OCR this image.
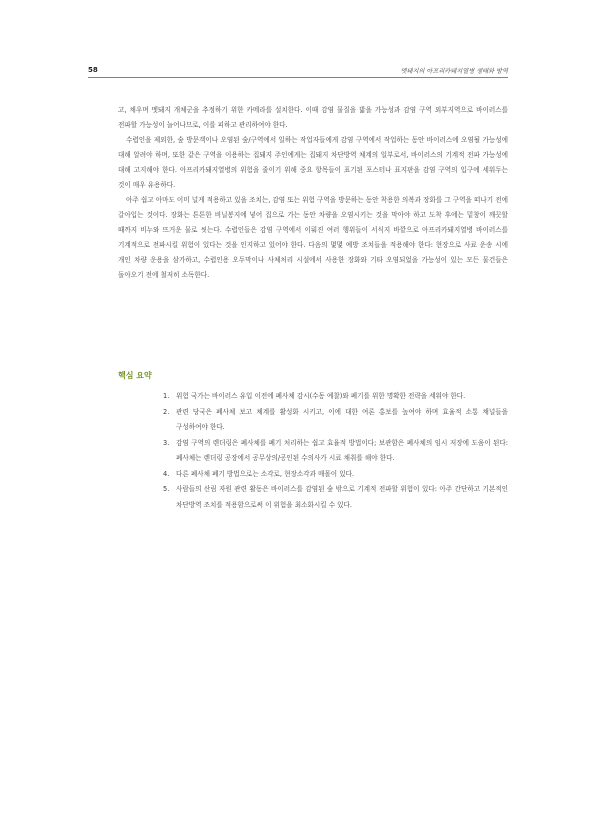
58	멧돼지의 아프리카돼지열병 생태와 방역

고, 채우며 멧돼지 개체군을 추정하기 위한 카메라를 설치한다. 이때 감염 물질을 밟을 가능성과 감염 구역 외부지역으로 바이러스를 전파할 가능성이 늘어나므로, 이를 피하고 관리하여야 한다.

수렵인을 제외한, 숲 방문객이나 오염된 숲/구역에서 일하는 작업자들에게 감염 구역에서 작업하는 동안 바이러스에 오염될 가능성에 대해 알려야 하며, 또한 같은 구역을 이용하는 집돼지 주인에게는 집돼지 차단방역 체계의 일부로서, 바이러스의 기계적 전파 가능성에 대해 고지해야 한다. 아프리카돼지열병의 위험을 줄이기 위해 중요 항목들이 표기된 포스터나 표지판을 감염 구역의 입구에 세워두는 것이 매우 유용하다.

아주 쉽고 아마도 이미 널게 적용하고 있을 조치는, 감염 또는 위험 구역을 방문하는 동안 착용한 의복과 장화를 그 구역을 떠나기 전에 갈아입는 것이다. 장화는 튼튼한 비닐봉지에 넣어 집으로 가는 동안 차량을 오염시키는 것을 막아야 하고 도착 후에는 밑창이 깨끗할 때까지 비누와 뜨거운 물로 씻는다. 수렵인들은 감염 구역에서 이뤄진 여러 행위들이 서식지 바깥으로 아프리카돼지열병 바이러스를 기계적으로 전파시킬 위험이 있다는 것을 인지하고 있어야 한다. 다음의 몇몇 예방 조치들을 적용해야 한다: 현장으로 사료 운송 시에 개인 차량 운용을 삼가하고, 수렵인용 오두막이나 사체처리 시설에서 사용한 장화와 기타 오염되었을 가능성이 있는 모든 물건들은 돌아오기 전에 철저히 소독한다.

핵심 요약
1. 위험 국가는 바이러스 유입 이전에 폐사체 감시(수동 예찰)와 폐기를 위한 명확한 전략을 세워야 한다.
2. 관련 당국은 폐사체 보고 체계를 활성화 시키고, 이에 대한 여론 홍보를 높여야 하며 효율적 소통 채널들을 구성하여야 한다.
3. 감염 구역의 렌더링은 폐사체를 폐기 처리하는 쉽고 효율적 방법이다; 보관함은 폐사체의 임시 저장에 도움이 된다: 폐사체는 렌더링 공장에서 공무상의/공인된 수의사가 시료 채취를 해야 한다.
4. 다른 폐사체 폐기 방법으로는 소각로, 현장소각과 매몰이 있다.
5. 사람들의 산림 자원 관련 활동은 바이러스를 감염된 숲 밖으로 기계적 전파할 위험이 있다: 아주 간단하고 기본적인 차단방역 조치를 적용함으로써 이 위험을 최소화시킬 수 있다.
